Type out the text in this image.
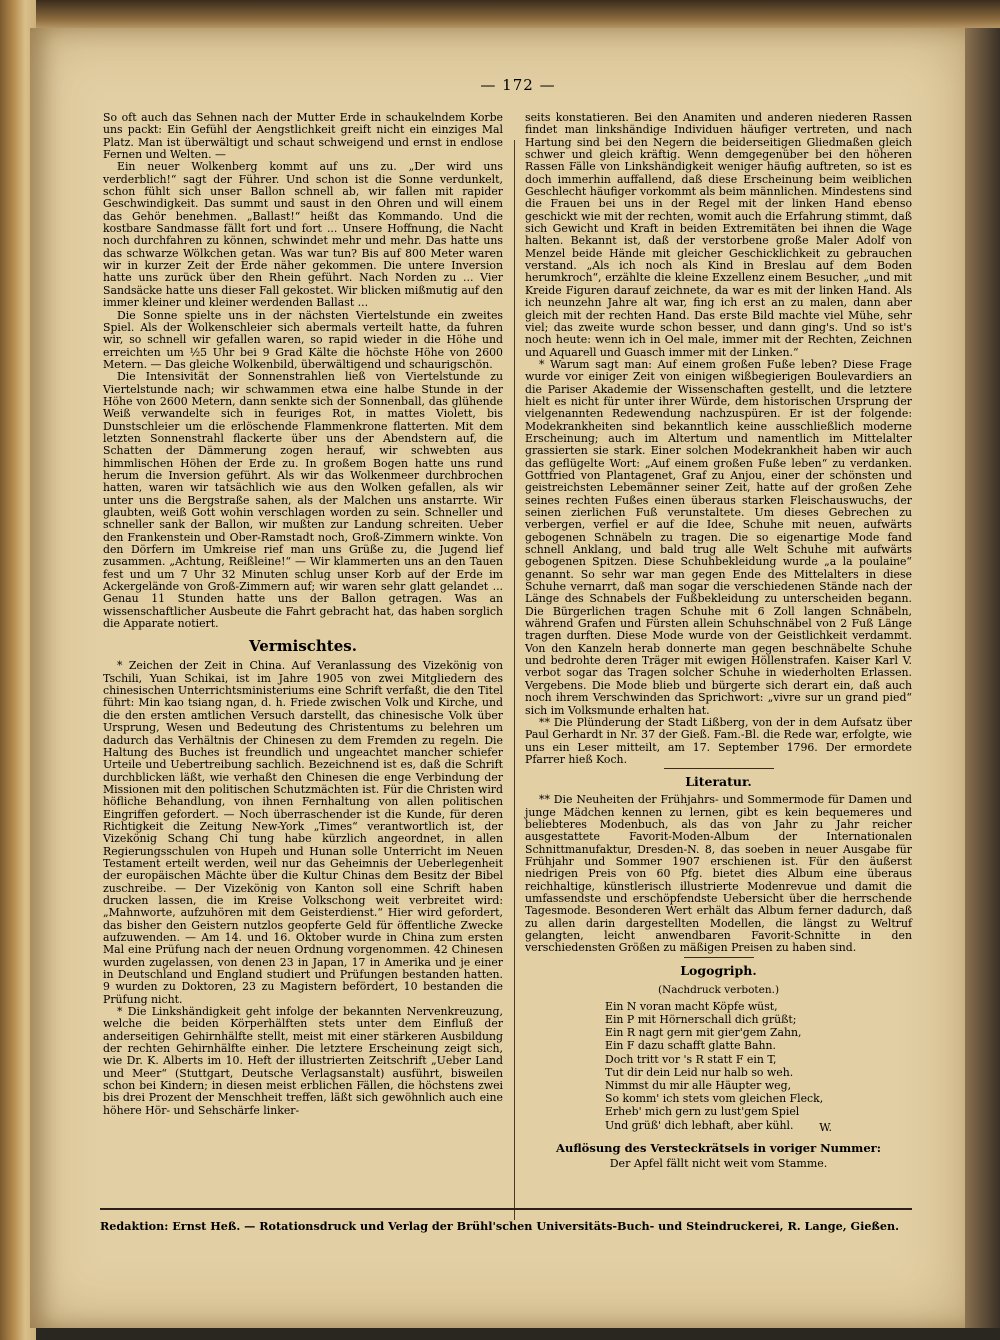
— 172 —

So oft auch das Sehnen nach der Mutter Erde in schaukelndem Korbe uns packt: Ein Gefühl der Aengstlichkeit greift nicht ein einziges Mal Platz. Man ist überwältigt und schaut schweigend und ernst in endlose Fernen und Welten. —

Ein neuer Wolkenberg kommt auf uns zu. „Der wird uns verderblich!“ sagt der Führer. Und schon ist die Sonne verdunkelt, schon fühlt sich unser Ballon schnell ab, wir fallen mit rapider Geschwindigkeit. Das summt und saust in den Ohren und will einem das Gehör benehmen. „Ballast!“ heißt das Kommando. Und die kostbare Sandmasse fällt fort und fort ... Unsere Hoffnung, die Nacht noch durchfahren zu können, schwindet mehr und mehr. Das hatte uns das schwarze Wölkchen getan. Was war tun? Bis auf 800 Meter waren wir in kurzer Zeit der Erde näher gekommen. Die untere Inversion hatte uns zurück über den Rhein geführt. Nach Norden zu ... Vier Sandsäcke hatte uns dieser Fall gekostet. Wir blicken mißmutig auf den immer kleiner und kleiner werdenden Ballast ...

Die Sonne spielte uns in der nächsten Viertelstunde ein zweites Spiel. Als der Wolkenschleier sich abermals verteilt hatte, da fuhren wir, so schnell wir gefallen waren, so rapid wieder in die Höhe und erreichten um ½5 Uhr bei 9 Grad Kälte die höchste Höhe von 2600 Metern. — Das gleiche Wolkenbild, überwältigend und schaurigschön.

Die Intensivität der Sonnenstrahlen ließ von Viertelstunde zu Viertelstunde nach; wir schwammen etwa eine halbe Stunde in der Höhe von 2600 Metern, dann senkte sich der Sonnenball, das glühende Weiß verwandelte sich in feuriges Rot, in mattes Violett, bis Dunstschleier um die erlöschende Flammenkrone flatterten. Mit dem letzten Sonnenstrahl flackerte über uns der Abendstern auf, die Schatten der Dämmerung zogen herauf, wir schwebten aus himmlischen Höhen der Erde zu. In großem Bogen hatte uns rund herum die Inversion geführt. Als wir das Wolkenmeer durchbrochen hatten, waren wir tatsächlich wie aus den Wolken gefallen, als wir unter uns die Bergstraße sahen, als der Malchen uns anstarrte. Wir glaubten, weiß Gott wohin verschlagen worden zu sein. Schneller und schneller sank der Ballon, wir mußten zur Landung schreiten. Ueber den Frankenstein und Ober-Ramstadt noch, Groß-Zimmern winkte. Von den Dörfern im Umkreise rief man uns Grüße zu, die Jugend lief zusammen. „Achtung, Reißleine!“ — Wir klammerten uns an den Tauen fest und um 7 Uhr 32 Minuten schlug unser Korb auf der Erde im Ackergelände von Groß-Zimmern auf; wir waren sehr glatt gelandet ... Genau 11 Stunden hatte uns der Ballon getragen. Was an wissenschaftlicher Ausbeute die Fahrt gebracht hat, das haben sorglich die Apparate notiert.

Vermischtes.

* Zeichen der Zeit in China. Auf Veranlassung des Vizekönig von Tschili, Yuan Schikai, ist im Jahre 1905 von zwei Mitgliedern des chinesischen Unterrichtsministeriums eine Schrift verfaßt, die den Titel führt: Min kao tsiang ngan, d. h. Friede zwischen Volk und Kirche, und die den ersten amtlichen Versuch darstellt, das chinesische Volk über Ursprung, Wesen und Bedeutung des Christentums zu belehren um dadurch das Verhältnis der Chinesen zu dem Fremden zu regeln. Die Haltung des Buches ist freundlich und ungeachtet mancher schiefer Urteile und Uebertreibung sachlich. Bezeichnend ist es, daß die Schrift durchblicken läßt, wie verhaßt den Chinesen die enge Verbindung der Missionen mit den politischen Schutzmächten ist. Für die Christen wird höfliche Behandlung, von ihnen Fernhaltung von allen politischen Eingriffen gefordert. — Noch überraschender ist die Kunde, für deren Richtigkeit die Zeitung New-York „Times“ verantwortlich ist, der Vizekönig Schang Chi tung habe kürzlich angeordnet, in allen Regierungsschulen von Hupeh und Hunan solle Unterricht im Neuen Testament erteilt werden, weil nur das Geheimnis der Ueberlegenheit der europäischen Mächte über die Kultur Chinas dem Besitz der Bibel zuschreibe. — Der Vizekönig von Kanton soll eine Schrift haben drucken lassen, die im Kreise Volkschong weit verbreitet wird: „Mahnworte, aufzuhören mit dem Geisterdienst.“ Hier wird gefordert, das bisher den Geistern nutzlos geopferte Geld für öffentliche Zwecke aufzuwenden. — Am 14. und 16. Oktober wurde in China zum ersten Mal eine Prüfung nach der neuen Ordnung vorgenommen. 42 Chinesen wurden zugelassen, von denen 23 in Japan, 17 in Amerika und je einer in Deutschland und England studiert und Prüfungen bestanden hatten. 9 wurden zu Doktoren, 23 zu Magistern befördert, 10 bestanden die Prüfung nicht.

* Die Linkshändigkeit geht infolge der bekannten Nervenkreuzung, welche die beiden Körperhälften stets unter dem Einfluß der anderseitigen Gehirnhälfte stellt, meist mit einer stärkeren Ausbildung der rechten Gehirnhälfte einher. Die letztere Erscheinung zeigt sich, wie Dr. K. Alberts im 10. Heft der illustrierten Zeitschrift „Ueber Land und Meer“ (Stuttgart, Deutsche Verlagsanstalt) ausführt, bisweilen schon bei Kindern; in diesen meist erblichen Fällen, die höchstens zwei bis drei Prozent der Menschheit treffen, läßt sich gewöhnlich auch eine höhere Hör- und Sehschärfe linker-

seits konstatieren. Bei den Anamiten und anderen niederen Rassen findet man linkshändige Individuen häufiger vertreten, und nach Hartung sind bei den Negern die beiderseitigen Gliedmaßen gleich schwer und gleich kräftig. Wenn demgegenüber bei den höheren Rassen Fälle von Linkshändigkeit weniger häufig auftreten, so ist es doch immerhin auffallend, daß diese Erscheinung beim weiblichen Geschlecht häufiger vorkommt als beim männlichen. Mindestens sind die Frauen bei uns in der Regel mit der linken Hand ebenso geschickt wie mit der rechten, womit auch die Erfahrung stimmt, daß sich Gewicht und Kraft in beiden Extremitäten bei ihnen die Wage halten. Bekannt ist, daß der verstorbene große Maler Adolf von Menzel beide Hände mit gleicher Geschicklichkeit zu gebrauchen verstand. „Als ich noch als Kind in Breslau auf dem Boden herumkroch“, erzählte die kleine Exzellenz einem Besucher, „und mit Kreide Figuren darauf zeichnete, da war es mit der linken Hand. Als ich neunzehn Jahre alt war, fing ich erst an zu malen, dann aber gleich mit der rechten Hand. Das erste Bild machte viel Mühe, sehr viel; das zweite wurde schon besser, und dann ging's. Und so ist's noch heute: wenn ich in Oel male, immer mit der Rechten, Zeichnen und Aquarell und Guasch immer mit der Linken.“

* Warum sagt man: Auf einem großen Fuße leben? Diese Frage wurde vor einiger Zeit von einigen wißbegierigen Boulevardiers an die Pariser Akademie der Wissenschaften gestellt, und die letztere hielt es nicht für unter ihrer Würde, dem historischen Ursprung der vielgenannten Redewendung nachzuspüren. Er ist der folgende: Modekrankheiten sind bekanntlich keine ausschließlich moderne Erscheinung; auch im Altertum und namentlich im Mittelalter grassierten sie stark. Einer solchen Modekrankheit haben wir auch das geflügelte Wort: „Auf einem großen Fuße leben“ zu verdanken. Gottfried von Plantagenet, Graf zu Anjou, einer der schönsten und geistreichsten Lebemänner seiner Zeit, hatte auf der großen Zehe seines rechten Fußes einen überaus starken Fleischauswuchs, der seinen zierlichen Fuß verunstaltete. Um dieses Gebrechen zu verbergen, verfiel er auf die Idee, Schuhe mit neuen, aufwärts gebogenen Schnäbeln zu tragen. Die so eigenartige Mode fand schnell Anklang, und bald trug alle Welt Schuhe mit aufwärts gebogenen Spitzen. Diese Schuhbekleidung wurde „a la poulaine“ genannt. So sehr war man gegen Ende des Mittelalters in diese Schuhe vernarrt, daß man sogar die verschiedenen Stände nach der Länge des Schnabels der Fußbekleidung zu unterscheiden begann. Die Bürgerlichen tragen Schuhe mit 6 Zoll langen Schnäbeln, während Grafen und Fürsten allein Schuhschnäbel von 2 Fuß Länge tragen durften. Diese Mode wurde von der Geistlichkeit verdammt. Von den Kanzeln herab donnerte man gegen beschnäbelte Schuhe und bedrohte deren Träger mit ewigen Höllenstrafen. Kaiser Karl V. verbot sogar das Tragen solcher Schuhe in wiederholten Erlassen. Vergebens. Die Mode blieb und bürgerte sich derart ein, daß auch noch ihrem Verschwinden das Sprichwort: „vivre sur un grand pied“ sich im Volksmunde erhalten hat.

** Die Plünderung der Stadt Lißberg, von der in dem Aufsatz über Paul Gerhardt in Nr. 37 der Gieß. Fam.-Bl. die Rede war, erfolgte, wie uns ein Leser mitteilt, am 17. September 1796. Der ermordete Pfarrer hieß Koch.

Literatur.

** Die Neuheiten der Frühjahrs- und Sommermode für Damen und junge Mädchen kennen zu lernen, gibt es kein bequemeres und beliebteres Modenbuch, als das von Jahr zu Jahr reicher ausgestattete Favorit-Moden-Album der Internationalen Schnittmanufaktur, Dresden-N. 8, das soeben in neuer Ausgabe für Frühjahr und Sommer 1907 erschienen ist. Für den äußerst niedrigen Preis von 60 Pfg. bietet dies Album eine überaus reichhaltige, künstlerisch illustrierte Modenrevue und damit die umfassendste und erschöpfendste Uebersicht über die herrschende Tagesmode. Besonderen Wert erhält das Album ferner dadurch, daß zu allen darin dargestellten Modellen, die längst zu Weltruf gelangten, leicht anwendbaren Favorit-Schnitte in den verschiedensten Größen zu mäßigen Preisen zu haben sind.

Logogriph.
(Nachdruck verboten.)
Ein N voran macht Köpfe wüst,
Ein P mit Hörnerschall dich grüßt;
Ein R nagt gern mit gier'gem Zahn,
Ein F dazu schafft glatte Bahn.
Doch tritt vor 's R statt F ein T,
Tut dir dein Leid nur halb so weh.
Nimmst du mir alle Häupter weg,
So komm' ich stets vom gleichen Fleck,
Erheb' mich gern zu lust'gem Spiel
Und grüß' dich lebhaft, aber kühl.	W.
Auflösung des Versteckrätsels in voriger Nummer:
Der Apfel fällt nicht weit vom Stamme.
Redaktion: Ernst Heß. — Rotationsdruck und Verlag der Brühl'schen Universitäts-Buch- und Steindruckerei, R. Lange, Gießen.
